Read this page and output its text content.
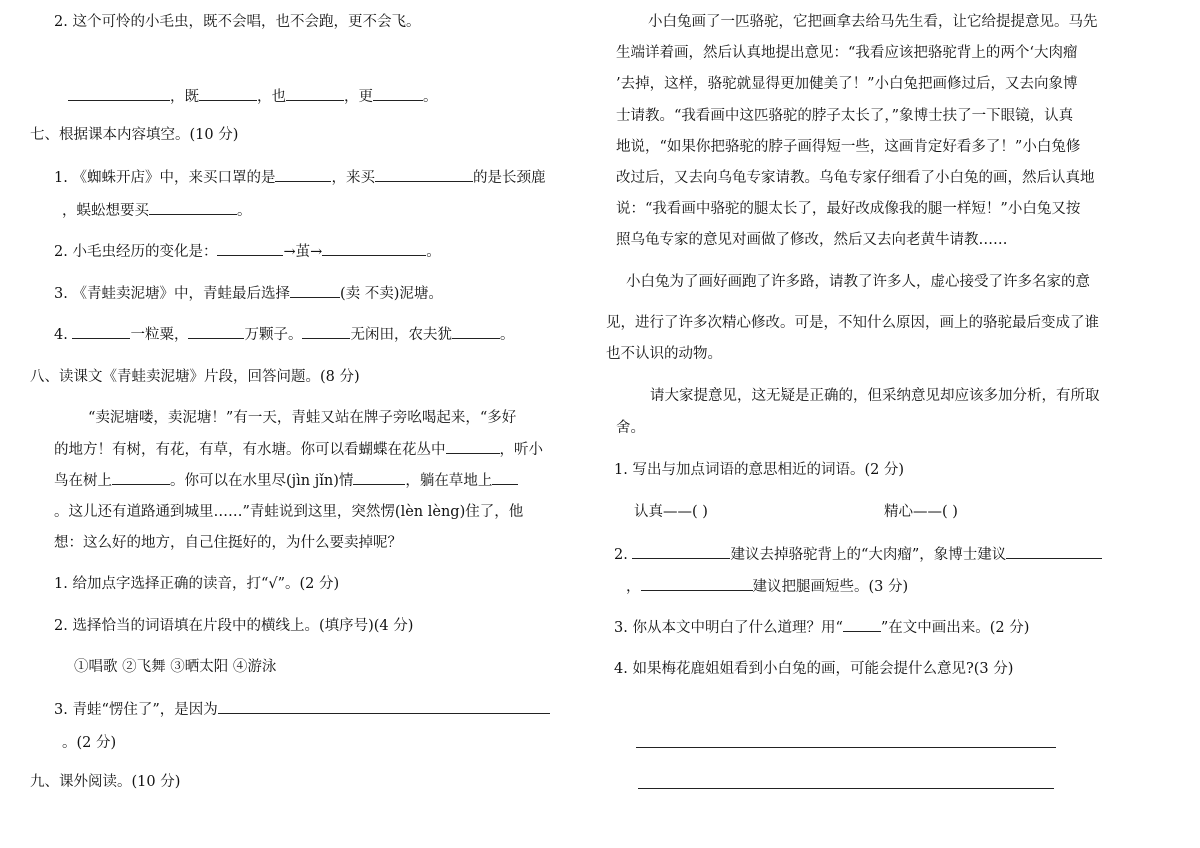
2. 这个可怜的小毛虫，既不会唱，也不会跑，更不会飞。
，既	，也	，更	。
七、根据课本内容填空。(10 分)
1. 《蜘蛛开店》中，来买口罩的是	，来买	的是长颈鹿
，蜈蚣想要买	。
2. 小毛虫经历的变化是：	→茧→	。
3. 《青蛙卖泥塘》中，青蛙最后选择	(卖 不卖)泥塘。
4.	一粒粟，	万颗子。	无闲田，农夫犹	。
八、读课文《青蛙卖泥塘》片段，回答问题。(8 分)
“卖泥塘喽，卖泥塘！”有一天，青蛙又站在牌子旁吆喝起来，“多好
的地方！有树，有花，有草，有水塘。你可以看蝴蝶在花丛中	，听小
鸟在树上	。你可以在水里尽(jìn jǐn)情	，躺在草地上
。这儿还有道路通到城里……”青蛙说到这里，突然愣(lèn lèng)住了，他
想：这么好的地方，自己住挺好的，为什么要卖掉呢？
1. 给加点字选择正确的读音，打“√”。(2 分)
2. 选择恰当的词语填在片段中的横线上。(填序号)(4 分)
①唱歌 ②飞舞 ③晒太阳 ④游泳
3. 青蛙“愣住了”，是因为
。(2 分)
九、课外阅读。(10 分)
小白兔画了一匹骆驼，它把画拿去给马先生看，让它给提提意见。马先
生端详着画，然后认真地提出意见：“我看应该把骆驼背上的两个‘大肉瘤
’去掉，这样，骆驼就显得更加健美了！”小白兔把画修过后，又去向象博
士请教。“我看画中这匹骆驼的脖子太长了，”象博士扶了一下眼镜，认真
地说，“如果你把骆驼的脖子画得短一些，这画肯定好看多了！”小白兔修
改过后，又去向乌龟专家请教。乌龟专家仔细看了小白兔的画，然后认真地
说：“我看画中骆驼的腿太长了，最好改成像我的腿一样短！”小白兔又按
照乌龟专家的意见对画做了修改，然后又去向老黄牛请教……
小白兔为了画好画跑了许多路，请教了许多人，虚心接受了许多名家的意
见，进行了许多次精心修改。可是，不知什么原因，画上的骆驼最后变成了谁
也不认识的动物。
请大家提意见，这无疑是正确的，但采纳意见却应该多加分析，有所取
舍。
1. 写出与加点词语的意思相近的词语。(2 分)
认真——( )	精心——( )
2.	建议去掉骆驼背上的“大肉瘤”，象博士建议
，	建议把腿画短些。(3 分)
3. 你从本文中明白了什么道理？用“	”在文中画出来。(2 分)
4. 如果梅花鹿姐姐看到小白兔的画，可能会提什么意见?(3 分)
